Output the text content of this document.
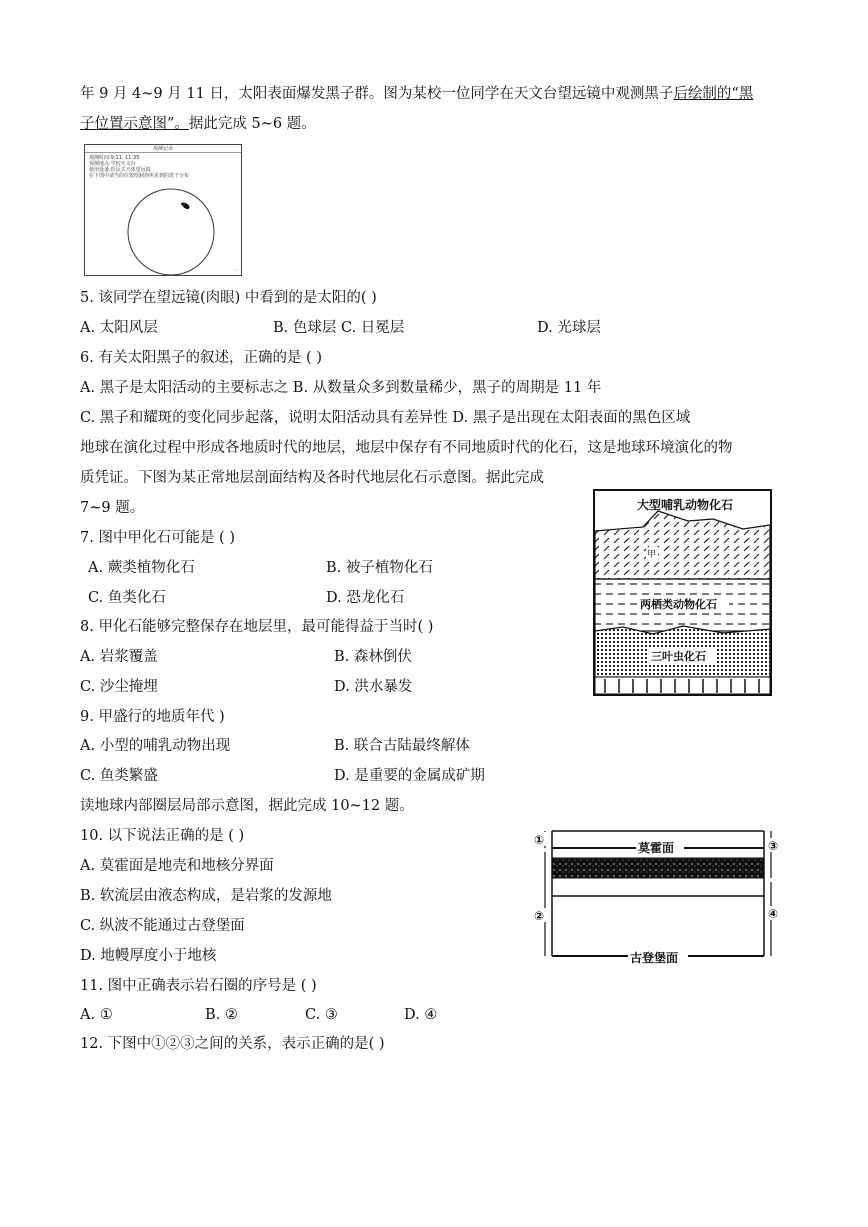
年 9 月 4~9 月 11 日，太阳表面爆发黑子群。图为某校一位同学在天文台望远镜中观测黑子后绘制的“黑
子位置示意图”。据此完成 5~6 题。
观测记录
观测时间:9.11. 11:35
观测地点:学校天文台
使用设备:折反式天体望远镜
在下图中请当的位置绘制你所见到的黑子分布
:
5. 该同学在望远镜(肉眼) 中看到的是太阳的( )
A. 太阳风层	B. 色球层 C. 日冕层	D. 光球层
6. 有关太阳黑子的叙述，正确的是 ( )
A. 黑子是太阳活动的主要标志之 B. 从数量众多到数量稀少，黑子的周期是 11 年
C. 黑子和耀斑的变化同步起落，说明太阳活动具有差异性 D. 黑子是出现在太阳表面的黑色区域
地球在演化过程中形成各地质时代的地层，地层中保存有不同地质时代的化石，这是地球环境演化的物
质凭证。下图为某正常地层剖面结构及各时代地层化石示意图。据此完成
7~9 题。	大型哺乳动物化石
甲
两栖类动物化石
三叶虫化石
7. 图中甲化石可能是 ( )
A. 蕨类植物化石	B. 被子植物化石
C. 鱼类化石	D. 恐龙化石
8. 甲化石能够完整保存在地层里，最可能得益于当时( )
A. 岩浆覆盖	B. 森林倒伏
C. 沙尘掩埋	D. 洪水暴发
9. 甲盛行的地质年代 )
A. 小型的哺乳动物出现	B. 联合古陆最终解体
C. 鱼类繁盛	D. 是重要的金属成矿期
读地球内部圈层局部示意图，据此完成 10~12 题。
10. 以下说法正确的是 ( )
A. 莫霍面是地壳和地核分界面
B. 软流层由液态构成，是岩浆的发源地
C. 纵波不能通过古登堡面
D. 地幔厚度小于地核
莫霍面
古登堡面
①
②
③
④
11. 图中正确表示岩石圈的序号是 ( )
A. ①	B. ②	C. ③	D. ④
12. 下图中①②③之间的关系，表示正确的是( )
